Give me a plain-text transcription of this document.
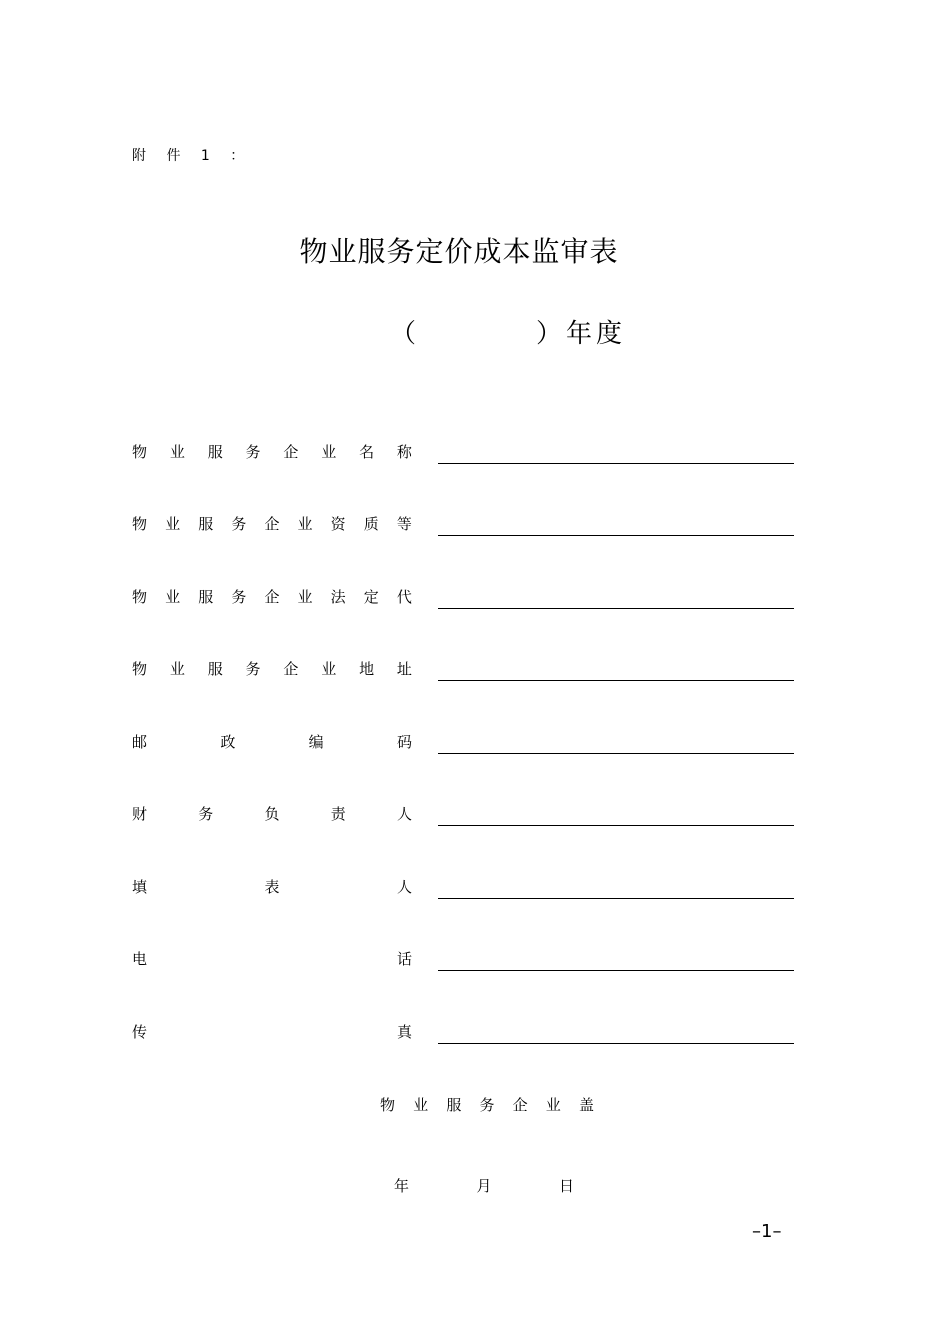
附 件 1 ：
物业服务定价成本监审表
（	）年度
物 业 服 务 企 业 名 称
物 业 服 务 企 业 资 质 等
物 业 服 务 企 业 法 定 代
物 业 服 务 企 业 地 址
邮	政	编	码
财	务	负	责	人
填	表	人
电	话
传	真
物 业 服 务 企 业 盖
年	月	日
–1–
